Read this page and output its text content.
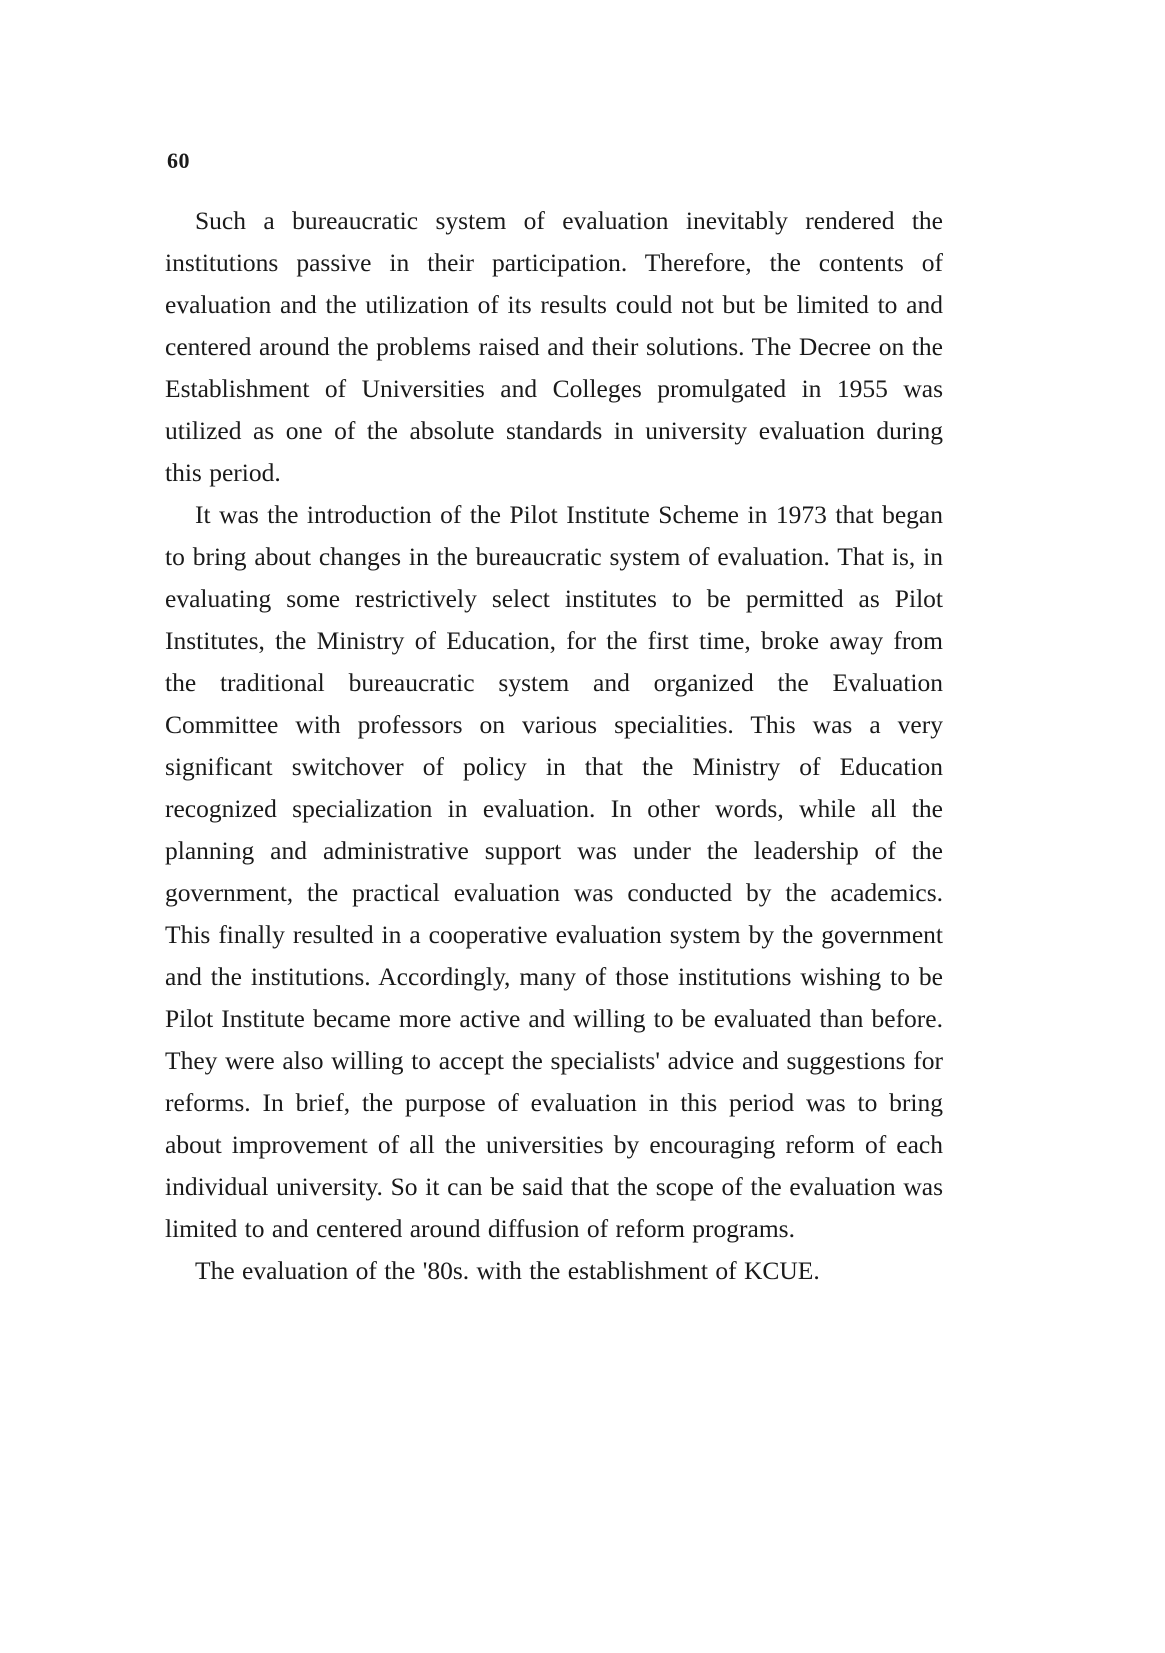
60

Such a bureaucratic system of evaluation inevitably rendered the institutions passive in their participation. Therefore, the contents of evaluation and the utilization of its results could not but be limited to and centered around the problems raised and their solutions. The Decree on the Establishment of Universities and Colleges promulgated in 1955 was utilized as one of the absolute standards in university evaluation during this period.

It was the introduction of the Pilot Institute Scheme in 1973 that began to bring about changes in the bureaucratic system of evaluation. That is, in evaluating some restrictively select institutes to be permitted as Pilot Institutes, the Ministry of Education, for the first time, broke away from the traditional bureaucratic system and organized the Evaluation Committee with professors on various specialities. This was a very significant switchover of policy in that the Ministry of Education recognized specialization in evaluation. In other words, while all the planning and administrative support was under the leadership of the government, the practical evaluation was conducted by the academics. This finally resulted in a cooperative evaluation system by the government and the institutions. Accordingly, many of those institutions wishing to be Pilot Institute became more active and willing to be evaluated than before. They were also willing to accept the specialists' advice and suggestions for reforms. In brief, the purpose of evaluation in this period was to bring about improvement of all the universities by encouraging reform of each individual university. So it can be said that the scope of the evaluation was limited to and centered around diffusion of reform programs.

The evaluation of the '80s. with the establishment of KCUE.
